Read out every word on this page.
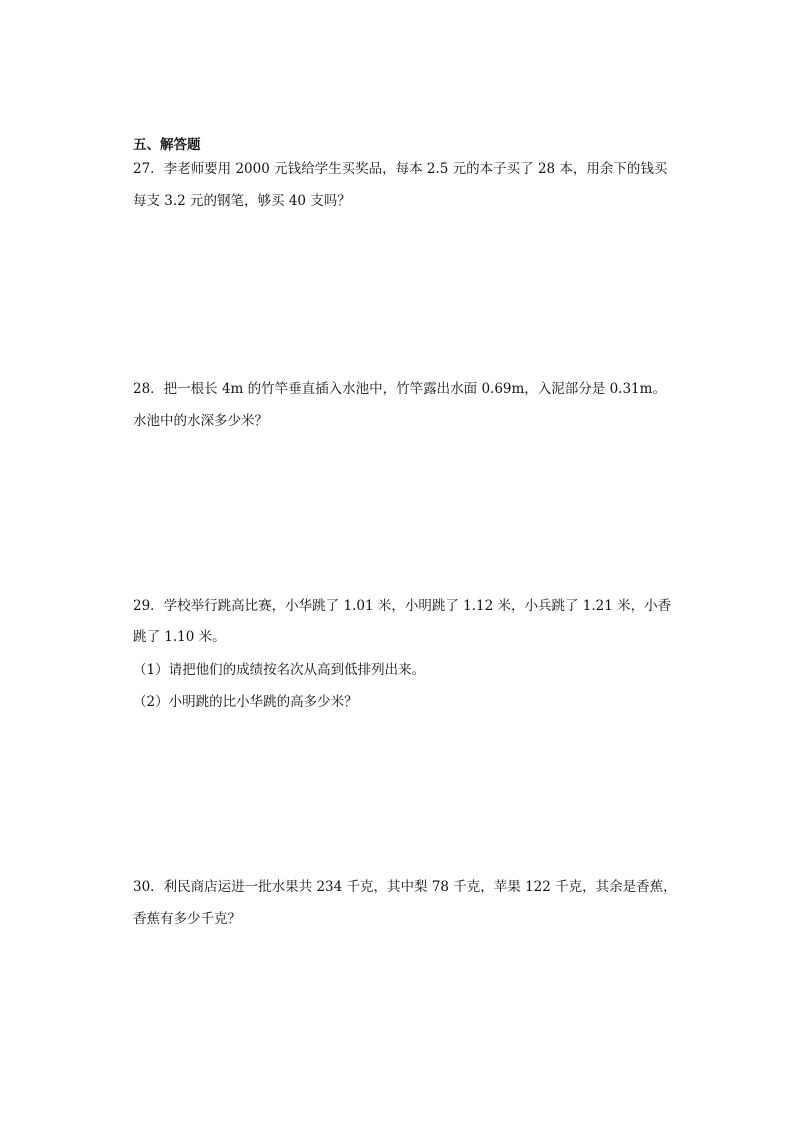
五、解答题
27．李老师要用 2000 元钱给学生买奖品，每本 2.5 元的本子买了 28 本，用余下的钱买
每支 3.2 元的钢笔，够买 40 支吗？
28．把一根长 4m 的竹竿垂直插入水池中，竹竿露出水面 0.69m，入泥部分是 0.31m。
水池中的水深多少米？
29．学校举行跳高比赛，小华跳了 1.01 米，小明跳了 1.12 米，小兵跳了 1.21 米，小香
跳了 1.10 米。
（1）请把他们的成绩按名次从高到低排列出来。
（2）小明跳的比小华跳的高多少米？
30．利民商店运进一批水果共 234 千克，其中梨 78 千克，苹果 122 千克，其余是香蕉，
香蕉有多少千克？
